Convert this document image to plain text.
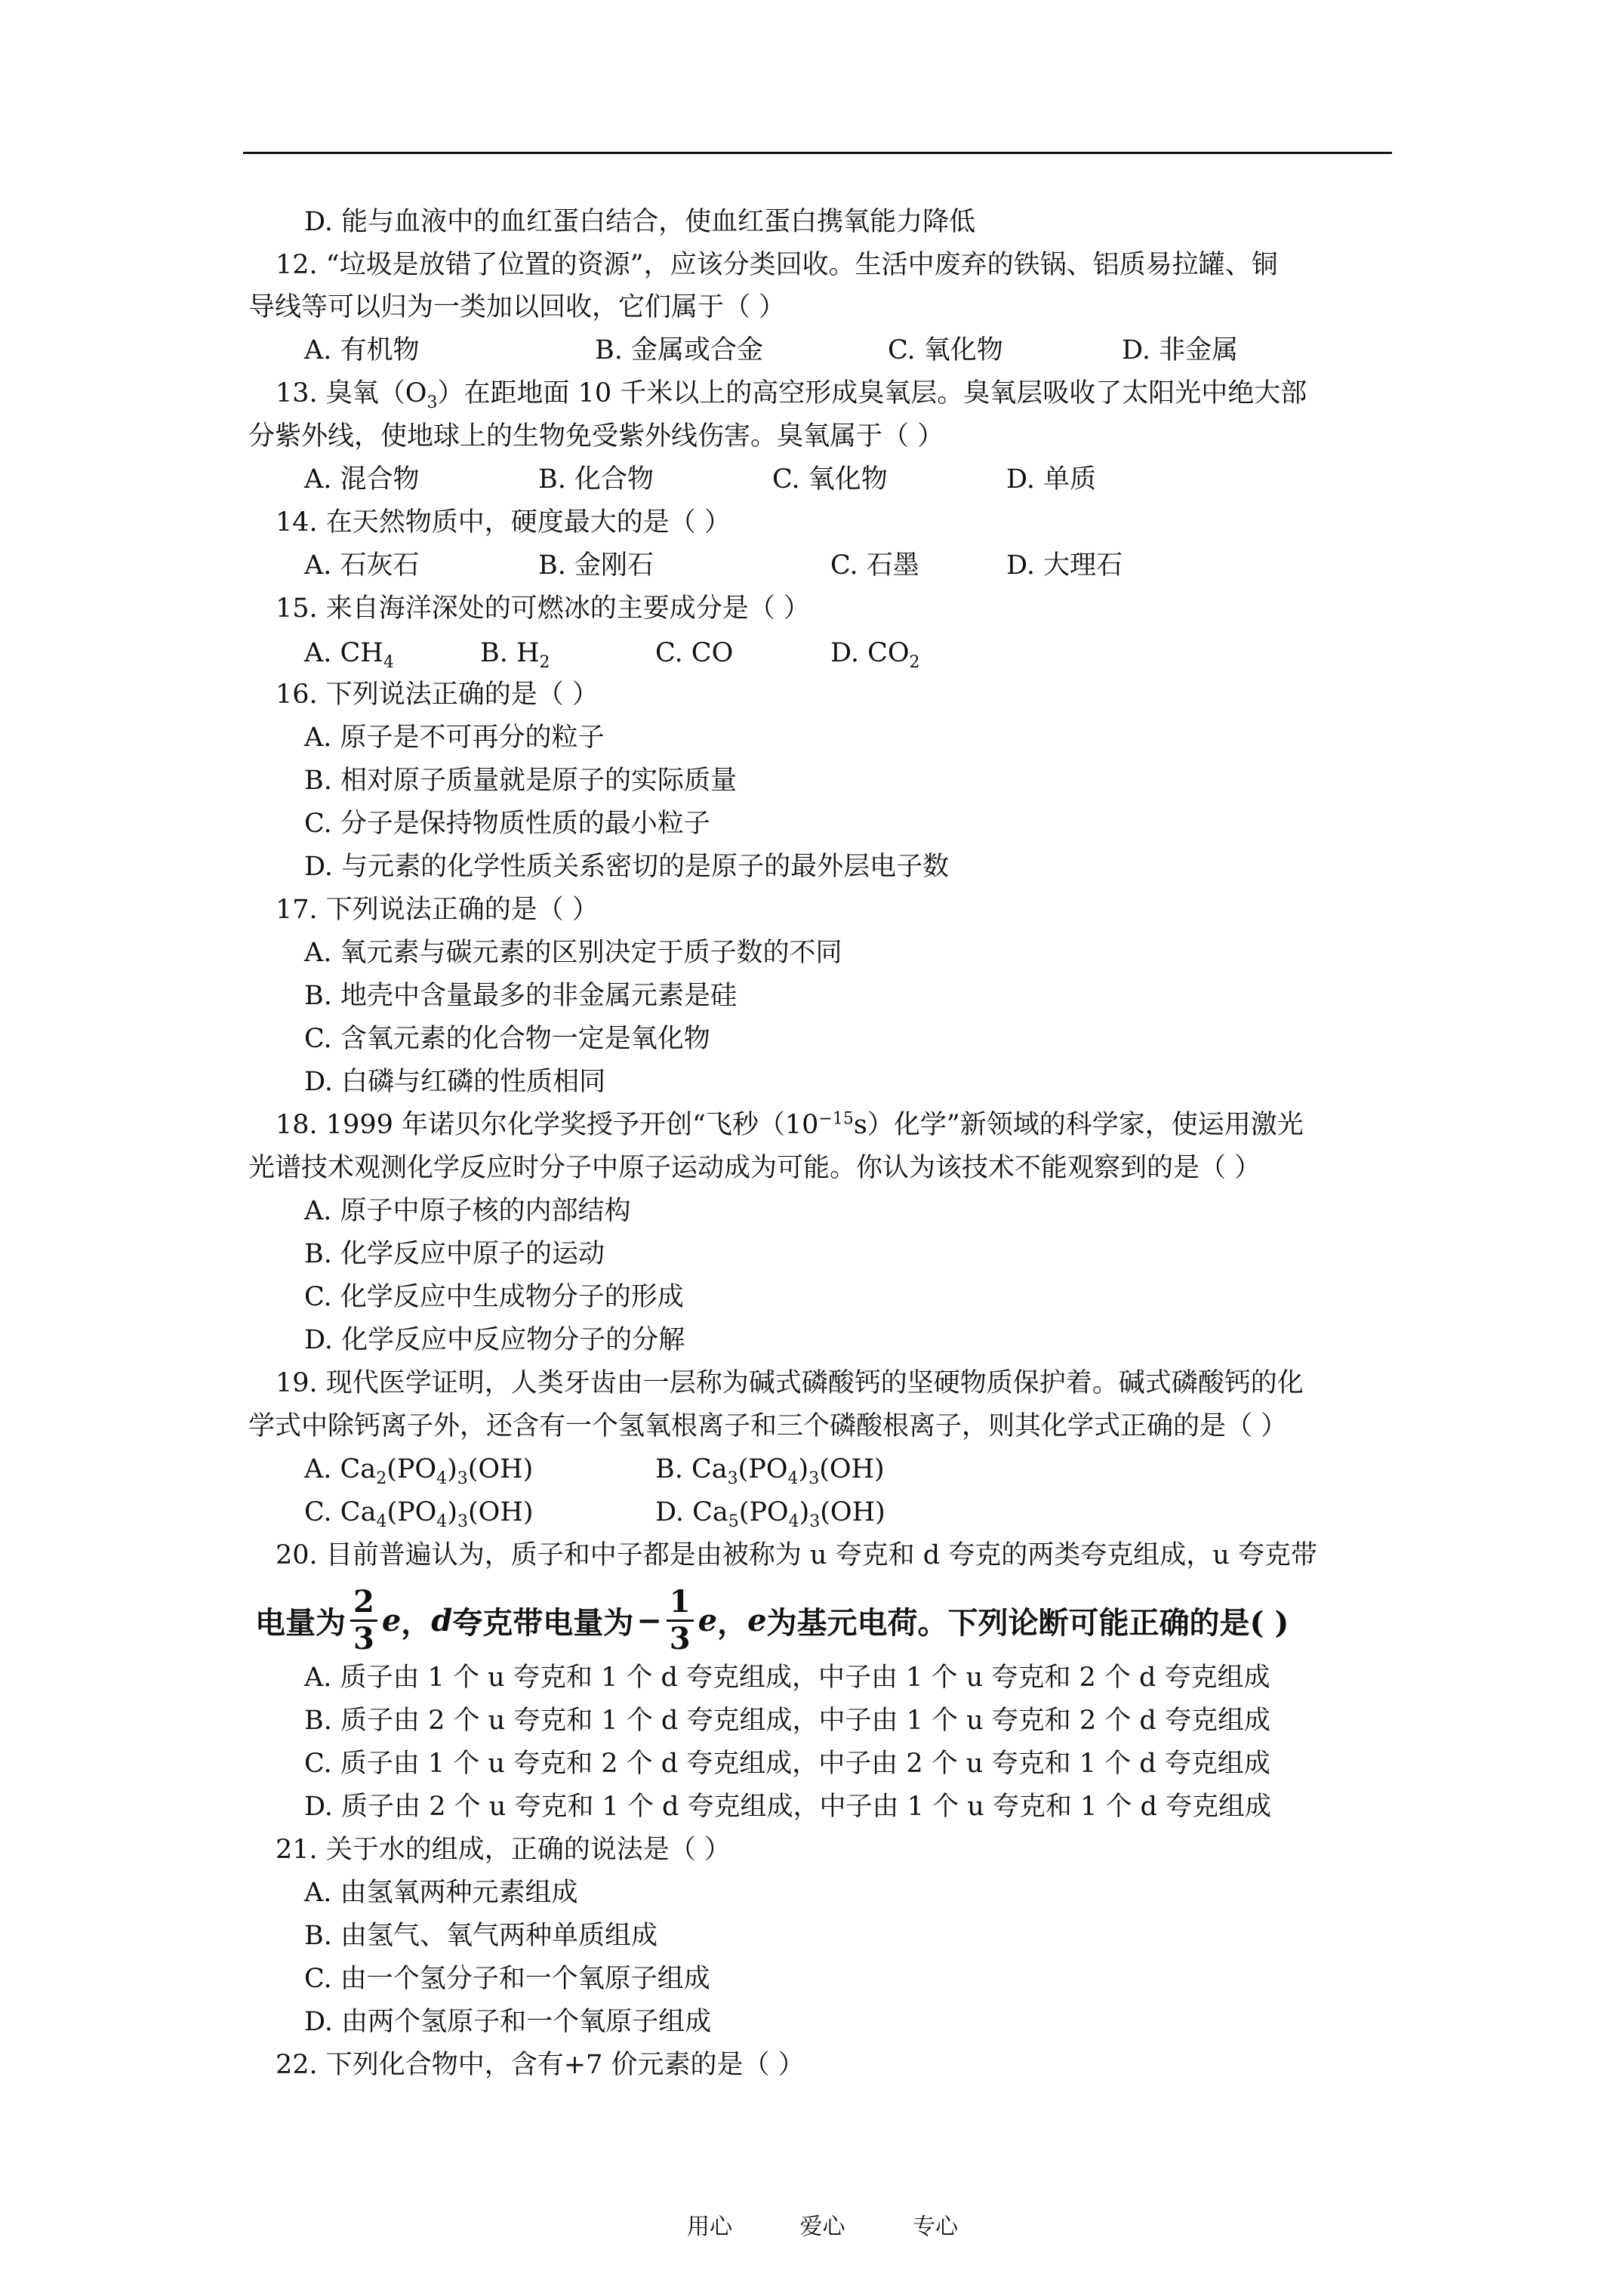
D. 能与血液中的血红蛋白结合，使血红蛋白携氧能力降低
12. “垃圾是放错了位置的资源”，应该分类回收。生活中废弃的铁锅、铝质易拉罐、铜
导线等可以归为一类加以回收，它们属于（ ）
A. 有机物	B. 金属或合金	C. 氧化物	D. 非金属
13. 臭氧$(O_3)$在距地面 10 千米以上的高空形成臭氧层。臭氧层吸收了太阳光中绝大部
分紫外线，使地球上的生物免受紫外线伤害。臭氧属于（ ）
A. 混合物	B. 化合物	C. 氧化物	D. 单质
14. 在天然物质中，硬度最大的是（ ）
A. 石灰石	B. 金刚石	C. 石墨	D. 大理石
15. 来自海洋深处的可燃冰的主要成分是（ ）
A. $CH_4$	B. $H_2$	C. CO	D. $CO_2$
16. 下列说法正确的是（ ）
A. 原子是不可再分的粒子
B. 相对原子质量就是原子的实际质量
C. 分子是保持物质性质的最小粒子
D. 与元素的化学性质关系密切的是原子的最外层电子数
17. 下列说法正确的是（ ）
A. 氧元素与碳元素的区别决定于质子数的不同
B. 地壳中含量最多的非金属元素是硅
C. 含氧元素的化合物一定是氧化物
D. 白磷与红磷的性质相同
18. 1999 年诺贝尔化学奖授予开创“飞秒$(10^{-15}s)$化学”新领域的科学家，使运用激光
光谱技术观测化学反应时分子中原子运动成为可能。你认为该技术不能观察到的是（ ）
A. 原子中原子核的内部结构
B. 化学反应中原子的运动
C. 化学反应中生成物分子的形成
D. 化学反应中反应物分子的分解
19. 现代医学证明，人类牙齿由一层称为碱式磷酸钙的坚硬物质保护着。碱式磷酸钙的化
学式中除钙离子外，还含有一个氢氧根离子和三个磷酸根离子，则其化学式正确的是（ ）
A. $Ca_2(PO_4)_3(OH)$	B. $Ca_3(PO_4)_3(OH)$
C. $Ca_4(PO_4)_3(OH)$	D. $Ca_5(PO_4)_3(OH)$
20. 目前普遍认为，质子和中子都是由被称为 u 夸克和 d 夸克的两类夸克组成，u 夸克带
电量为 $\frac{2}{3}$ e ， d 夸克带电量为 − $\frac{1}{3}$ e ， e 为基元电荷。下列论断可能正确的是( )
A. 质子由 1 个 u 夸克和 1 个 d 夸克组成，中子由 1 个 u 夸克和 2 个 d 夸克组成
B. 质子由 2 个 u 夸克和 1 个 d 夸克组成，中子由 1 个 u 夸克和 2 个 d 夸克组成
C. 质子由 1 个 u 夸克和 2 个 d 夸克组成，中子由 2 个 u 夸克和 1 个 d 夸克组成
D. 质子由 2 个 u 夸克和 1 个 d 夸克组成，中子由 1 个 u 夸克和 1 个 d 夸克组成
21. 关于水的组成，正确的说法是（ ）
A. 由氢氧两种元素组成
B. 由氢气、氧气两种单质组成
C. 由一个氢分子和一个氧原子组成
D. 由两个氢原子和一个氧原子组成
22. 下列化合物中，含有+7 价元素的是（ ）
用心	爱心	专心
